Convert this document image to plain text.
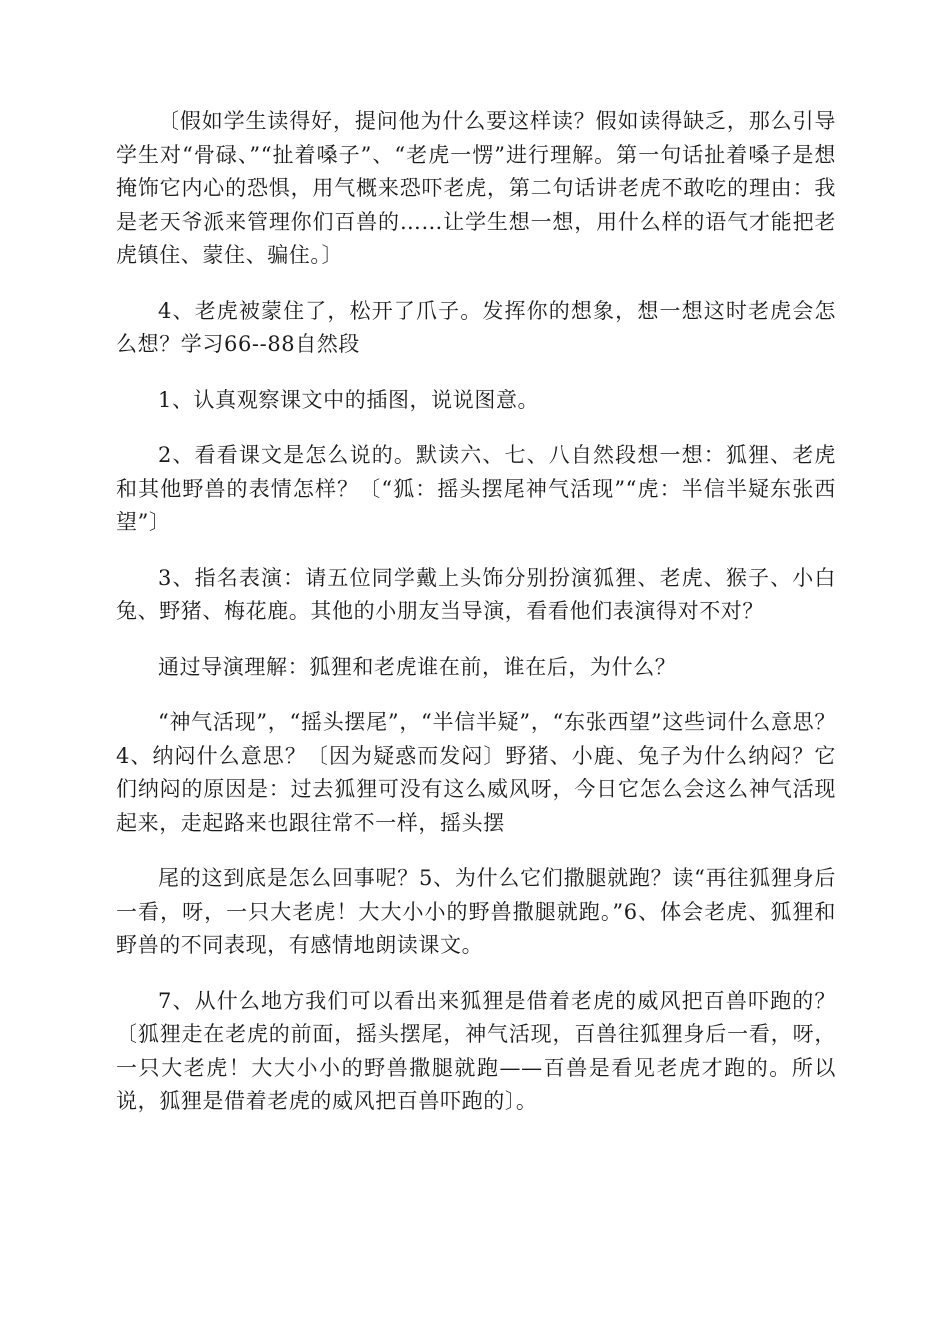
〔假如学生读得好，提问他为什么要这样读？假如读得缺乏，那么引导学生对“骨碌、”“扯着嗓子”、“老虎一愣”进行理解。第一句话扯着嗓子是想掩饰它内心的恐惧，用气概来恐吓老虎，第二句话讲老虎不敢吃的理由：我是老天爷派来管理你们百兽的……让学生想一想，用什么样的语气才能把老虎镇住、蒙住、骗住。〕

4、老虎被蒙住了，松开了爪子。发挥你的想象，想一想这时老虎会怎么想？学习66--88自然段

1、认真观察课文中的插图，说说图意。

2、看看课文是怎么说的。默读六、七、八自然段想一想：狐狸、老虎和其他野兽的表情怎样？〔“狐：摇头摆尾神气活现”“虎：半信半疑东张西望”〕

3、指名表演：请五位同学戴上头饰分别扮演狐狸、老虎、猴子、小白兔、野猪、梅花鹿。其他的小朋友当导演，看看他们表演得对不对？

通过导演理解：狐狸和老虎谁在前，谁在后，为什么？

“神气活现”，“摇头摆尾”，“半信半疑”，“东张西望”这些词什么意思？4、纳闷什么意思？〔因为疑惑而发闷〕野猪、小鹿、兔子为什么纳闷？它们纳闷的原因是：过去狐狸可没有这么威风呀，今日它怎么会这么神气活现起来，走起路来也跟往常不一样，摇头摆

尾的这到底是怎么回事呢？5、为什么它们撒腿就跑？读“再往狐狸身后一看，呀，一只大老虎！大大小小的野兽撒腿就跑。”6、体会老虎、狐狸和野兽的不同表现，有感情地朗读课文。

7、从什么地方我们可以看出来狐狸是借着老虎的威风把百兽吓跑的？〔狐狸走在老虎的前面，摇头摆尾，神气活现，百兽往狐狸身后一看，呀，一只大老虎！大大小小的野兽撒腿就跑——百兽是看见老虎才跑的。所以说，狐狸是借着老虎的威风把百兽吓跑的〕。
